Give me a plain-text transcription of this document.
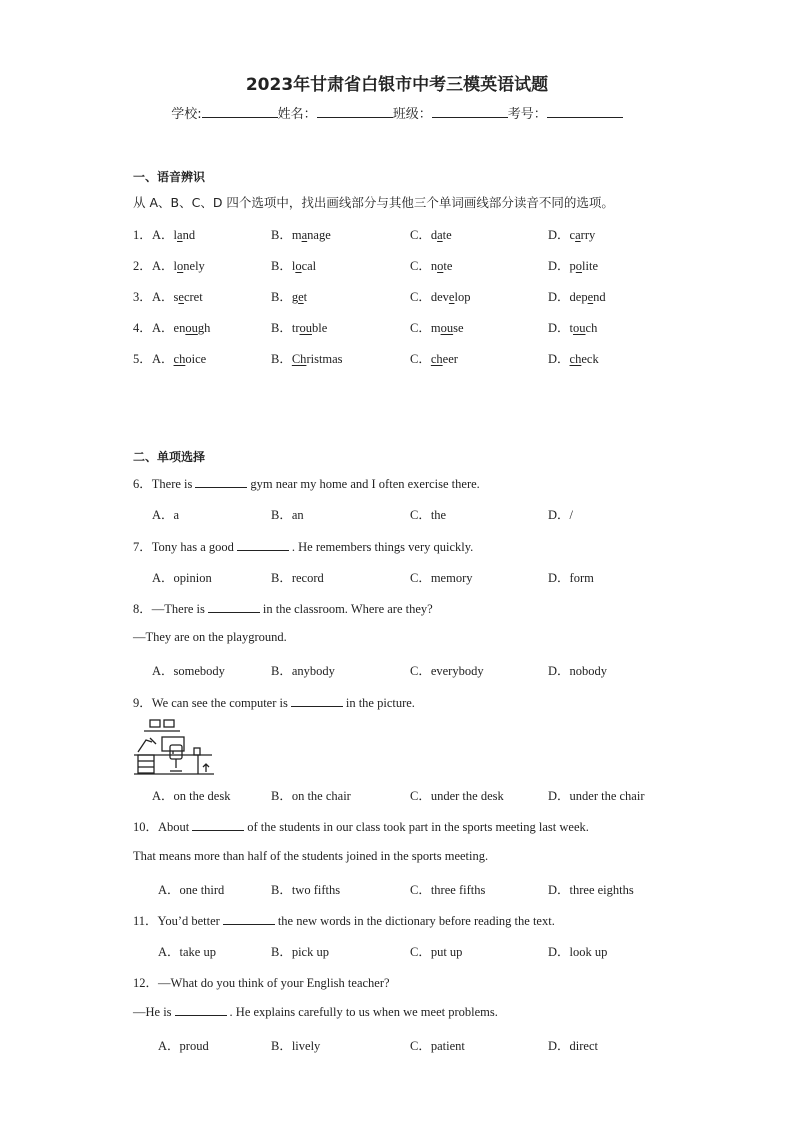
2023年甘肃省白银市中考三模英语试题
学校:	姓名：	班级：	考号：
一、语音辨识
从 A、B、C、D 四个选项中，找出画线部分与其他三个单词画线部分读音不同的选项。
1． A．land	B．manage	C．date	D．carry
2． A．lonely	B．local	C．note	D．polite
3． A．secret	B．get	C．develop	D．depend
4． A．enough	B．trouble	C．mouse	D．touch
5． A．choice	B．Christmas	C．cheer	D．check
二、单项选择
6．There is	gym near my home and I often exercise there.
A．a	B．an	C．the	D．/
7．Tony has a good	. He remembers things very quickly.
A．opinion	B．record	C．memory	D．form
8．—There is	in the classroom. Where are they?
—They are on the playground.
A．somebody	B．anybody	C．everybody	D．nobody
9．We can see the computer is	in the picture.
A．on the desk	B．on the chair	C．under the desk	D．under the chair
10．About	of the students in our class took part in the sports meeting last week.
That means more than half of the students joined in the sports meeting.
A．one third	B．two fifths	C．three fifths	D．three eighths
11．You’d better	the new words in the dictionary before reading the text.
A．take up	B．pick up	C．put up	D．look up
12．—What do you think of your English teacher?
—He is	. He explains carefully to us when we meet problems.
A．proud	B．lively	C．patient	D．direct
